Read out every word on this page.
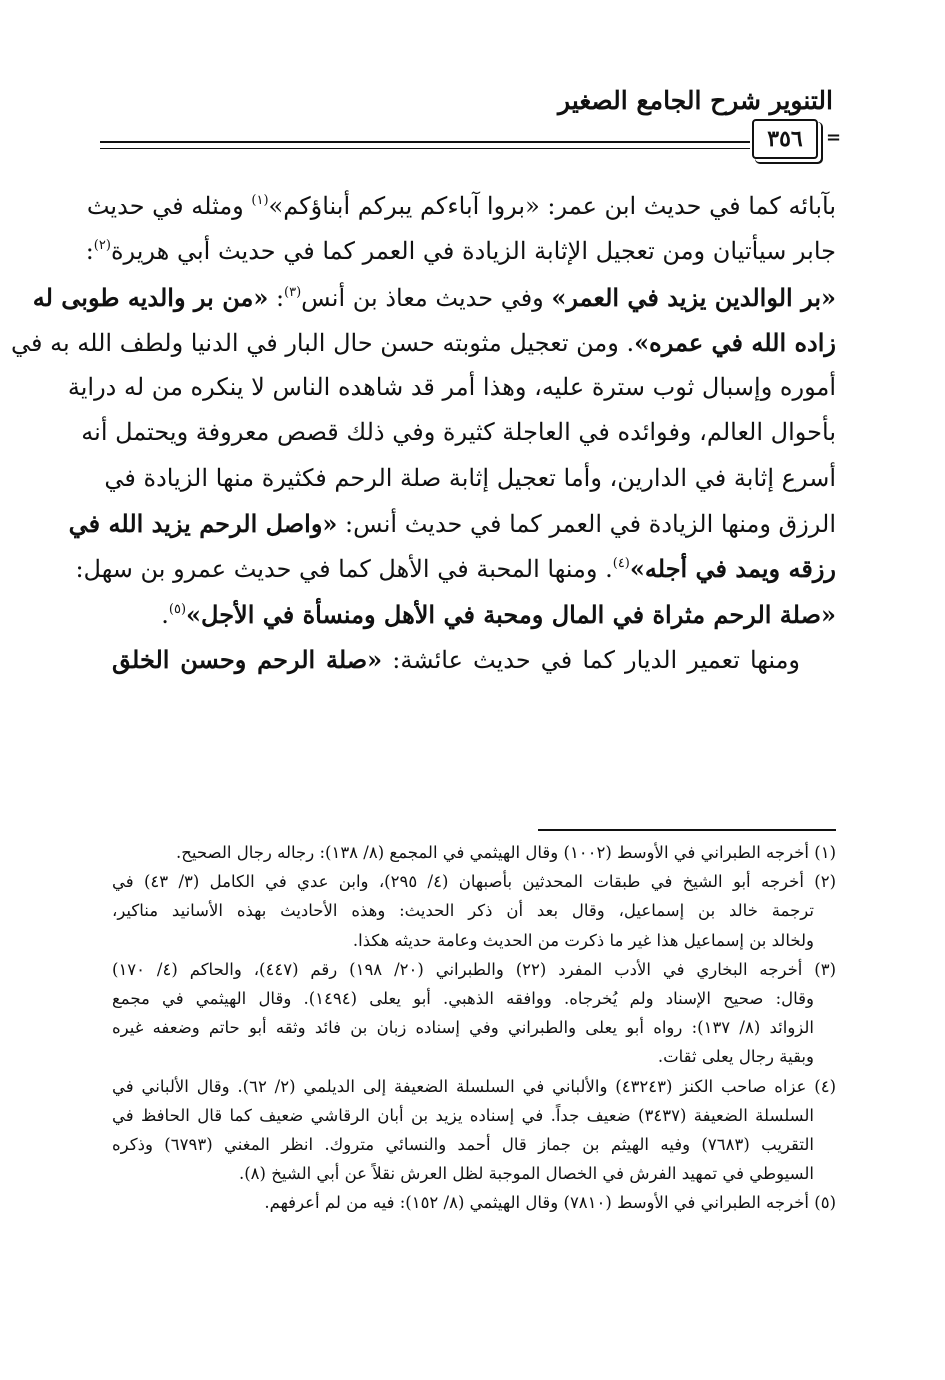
التنوير شرح الجامع الصغير
٣٥٦	=
بآبائه كما في حديث ابن عمر: «بروا آباءكم يبركم أبناؤكم»$^{(١)}$ ومثله في حديث
جابر سيأتيان ومن تعجيل الإثابة الزيادة في العمر كما في حديث أبي هريرة$^{(٢)}$:
«بر الوالدين يزيد في العمر» وفي حديث معاذ بن أنس$^{(٣)}$: «من بر والديه طوبى له
زاده الله في عمره». ومن تعجيل مثوبته حسن حال البار في الدنيا ولطف الله به في
أموره وإسبال ثوب سترة عليه، وهذا أمر قد شاهده الناس لا ينكره من له دراية
بأحوال العالم، وفوائده في العاجلة كثيرة وفي ذلك قصص معروفة ويحتمل أنه
أسرع إثابة في الدارين، وأما تعجيل إثابة صلة الرحم فكثيرة منها الزيادة في
الرزق ومنها الزيادة في العمر كما في حديث أنس: «واصل الرحم يزيد الله في
رزقه ويمد في أجله»$^{(٤)}$. ومنها المحبة في الأهل كما في حديث عمرو بن سهل:
«صلة الرحم مثراة في المال ومحبة في الأهل ومنسأة في الأجل»$^{(٥)}$.
ومنها تعمير الديار كما في حديث عائشة: «صلة الرحم وحسن الخلق
(١) أخرجه الطبراني في الأوسط (١٠٠٢) وقال الهيثمي في المجمع (٨/ ١٣٨): رجاله رجال الصحيح.
(٢) أخرجه أبو الشيخ في طبقات المحدثين بأصبهان (٤/ ٢٩٥)، وابن عدي في الكامل (٣/ ٤٣) في
ترجمة خالد بن إسماعيل، وقال بعد أن ذكر الحديث: وهذه الأحاديث بهذه الأسانيد مناكير،
ولخالد بن إسماعيل هذا غير ما ذكرت من الحديث وعامة حديثه هكذا.
(٣) أخرجه البخاري في الأدب المفرد (٢٢) والطبراني (٢٠/ ١٩٨) رقم (٤٤٧)، والحاكم (٤/ ١٧٠)
وقال: صحيح الإسناد ولم يُخرجاه. ووافقه الذهبي. أبو يعلى (١٤٩٤). وقال الهيثمي في مجمع
الزوائد (٨/ ١٣٧): رواه أبو يعلى والطبراني وفي إسناده زبان بن فائد وثقه أبو حاتم وضعفه غيره
وبقية رجال يعلى ثقات.
(٤) عزاه صاحب الكنز (٤٣٢٤٣) والألباني في السلسلة الضعيفة إلى الديلمي (٢/ ٦٢). وقال الألباني في
السلسلة الضعيفة (٣٤٣٧) ضعيف جداً. في إسناده يزيد بن أبان الرقاشي ضعيف كما قال الحافظ في
التقريب (٧٦٨٣) وفيه الهيثم بن جماز قال أحمد والنسائي متروك. انظر المغني (٦٧٩٣) وذكره
السيوطي في تمهيد الفرش في الخصال الموجبة لظل العرش نقلاً عن أبي الشيخ (٨).
(٥) أخرجه الطبراني في الأوسط (٧٨١٠) وقال الهيثمي (٨/ ١٥٢): فيه من لم أعرفهم.
